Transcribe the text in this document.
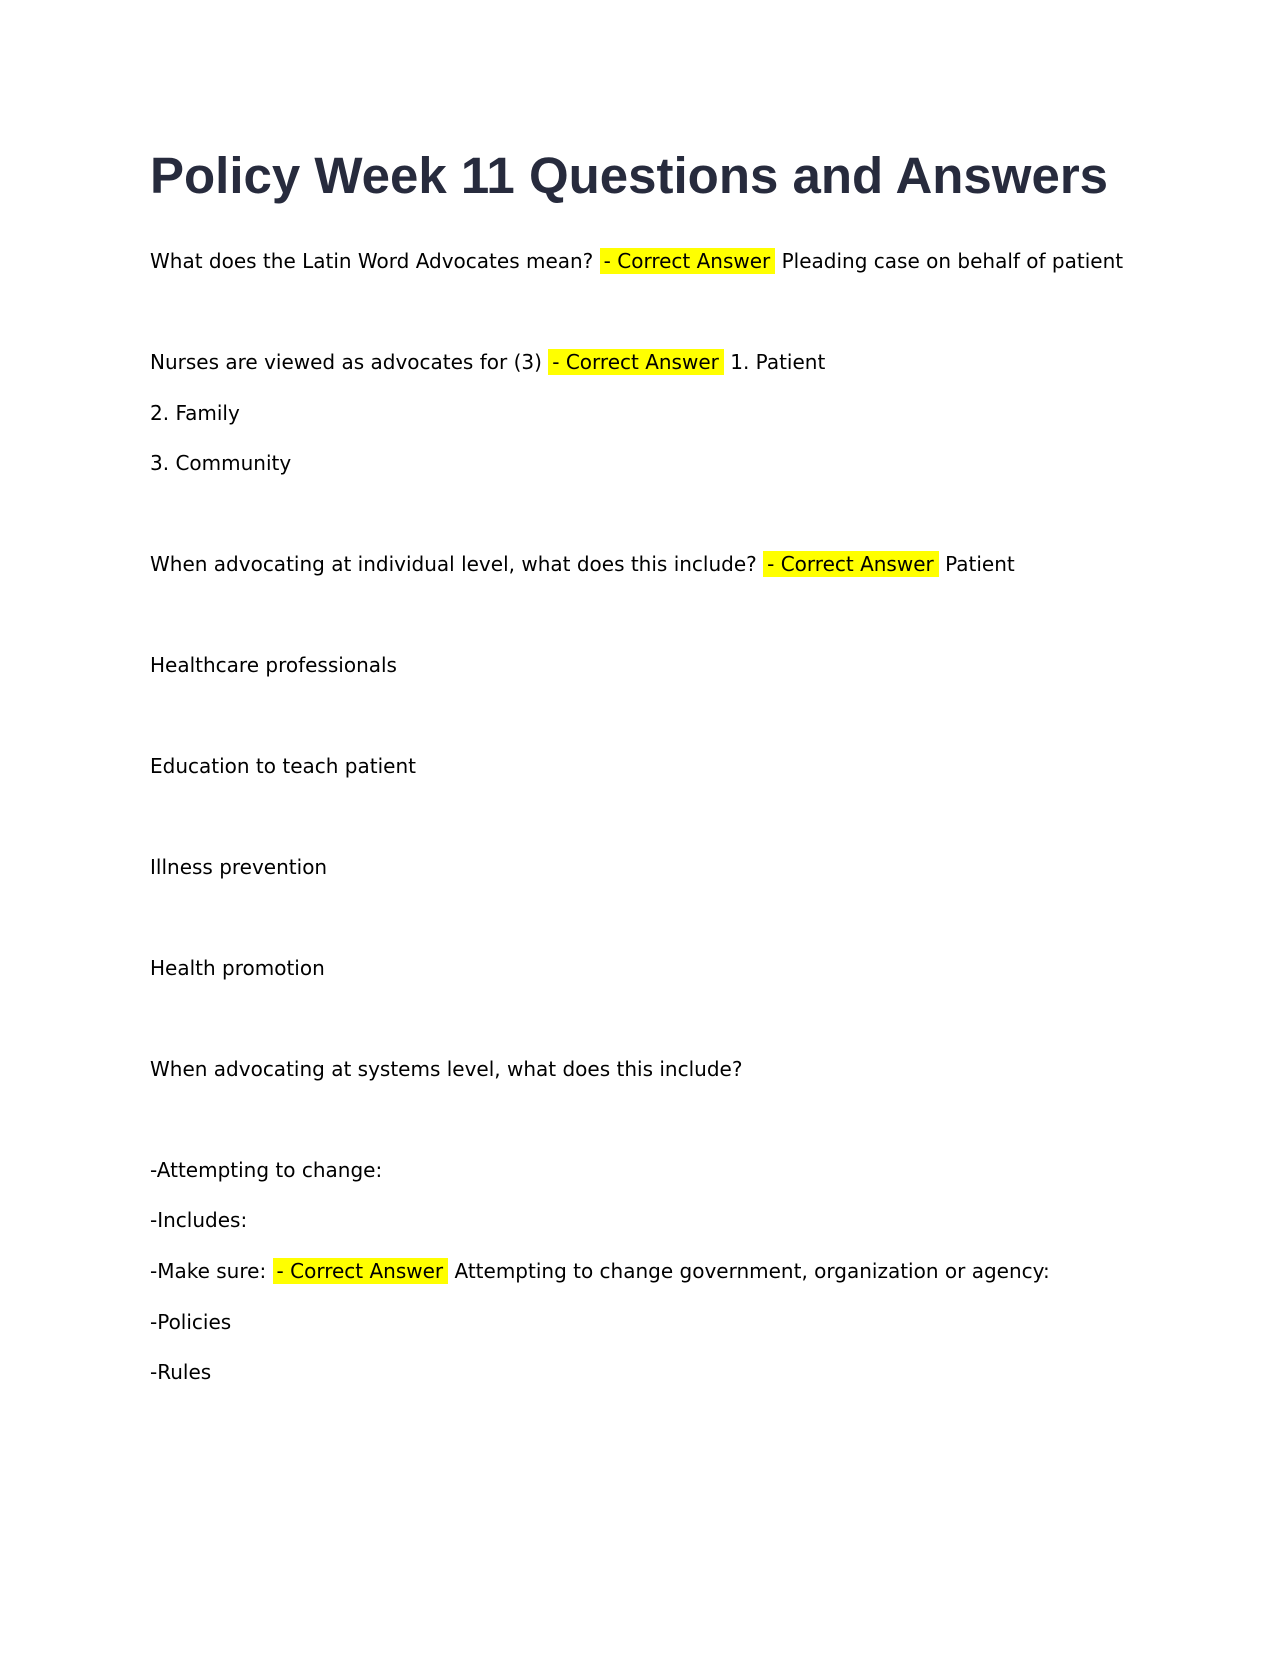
Policy Week 11 Questions and Answers

What does the Latin Word Advocates mean? - Correct Answer Pleading case on behalf of patient

Nurses are viewed as advocates for (3) - Correct Answer 1. Patient

2. Family

3. Community

When advocating at individual level, what does this include? - Correct Answer Patient

Healthcare professionals

Education to teach patient

Illness prevention

Health promotion

When advocating at systems level, what does this include?

-Attempting to change:

-Includes:

-Make sure: - Correct Answer Attempting to change government, organization or agency:

-Policies

-Rules
